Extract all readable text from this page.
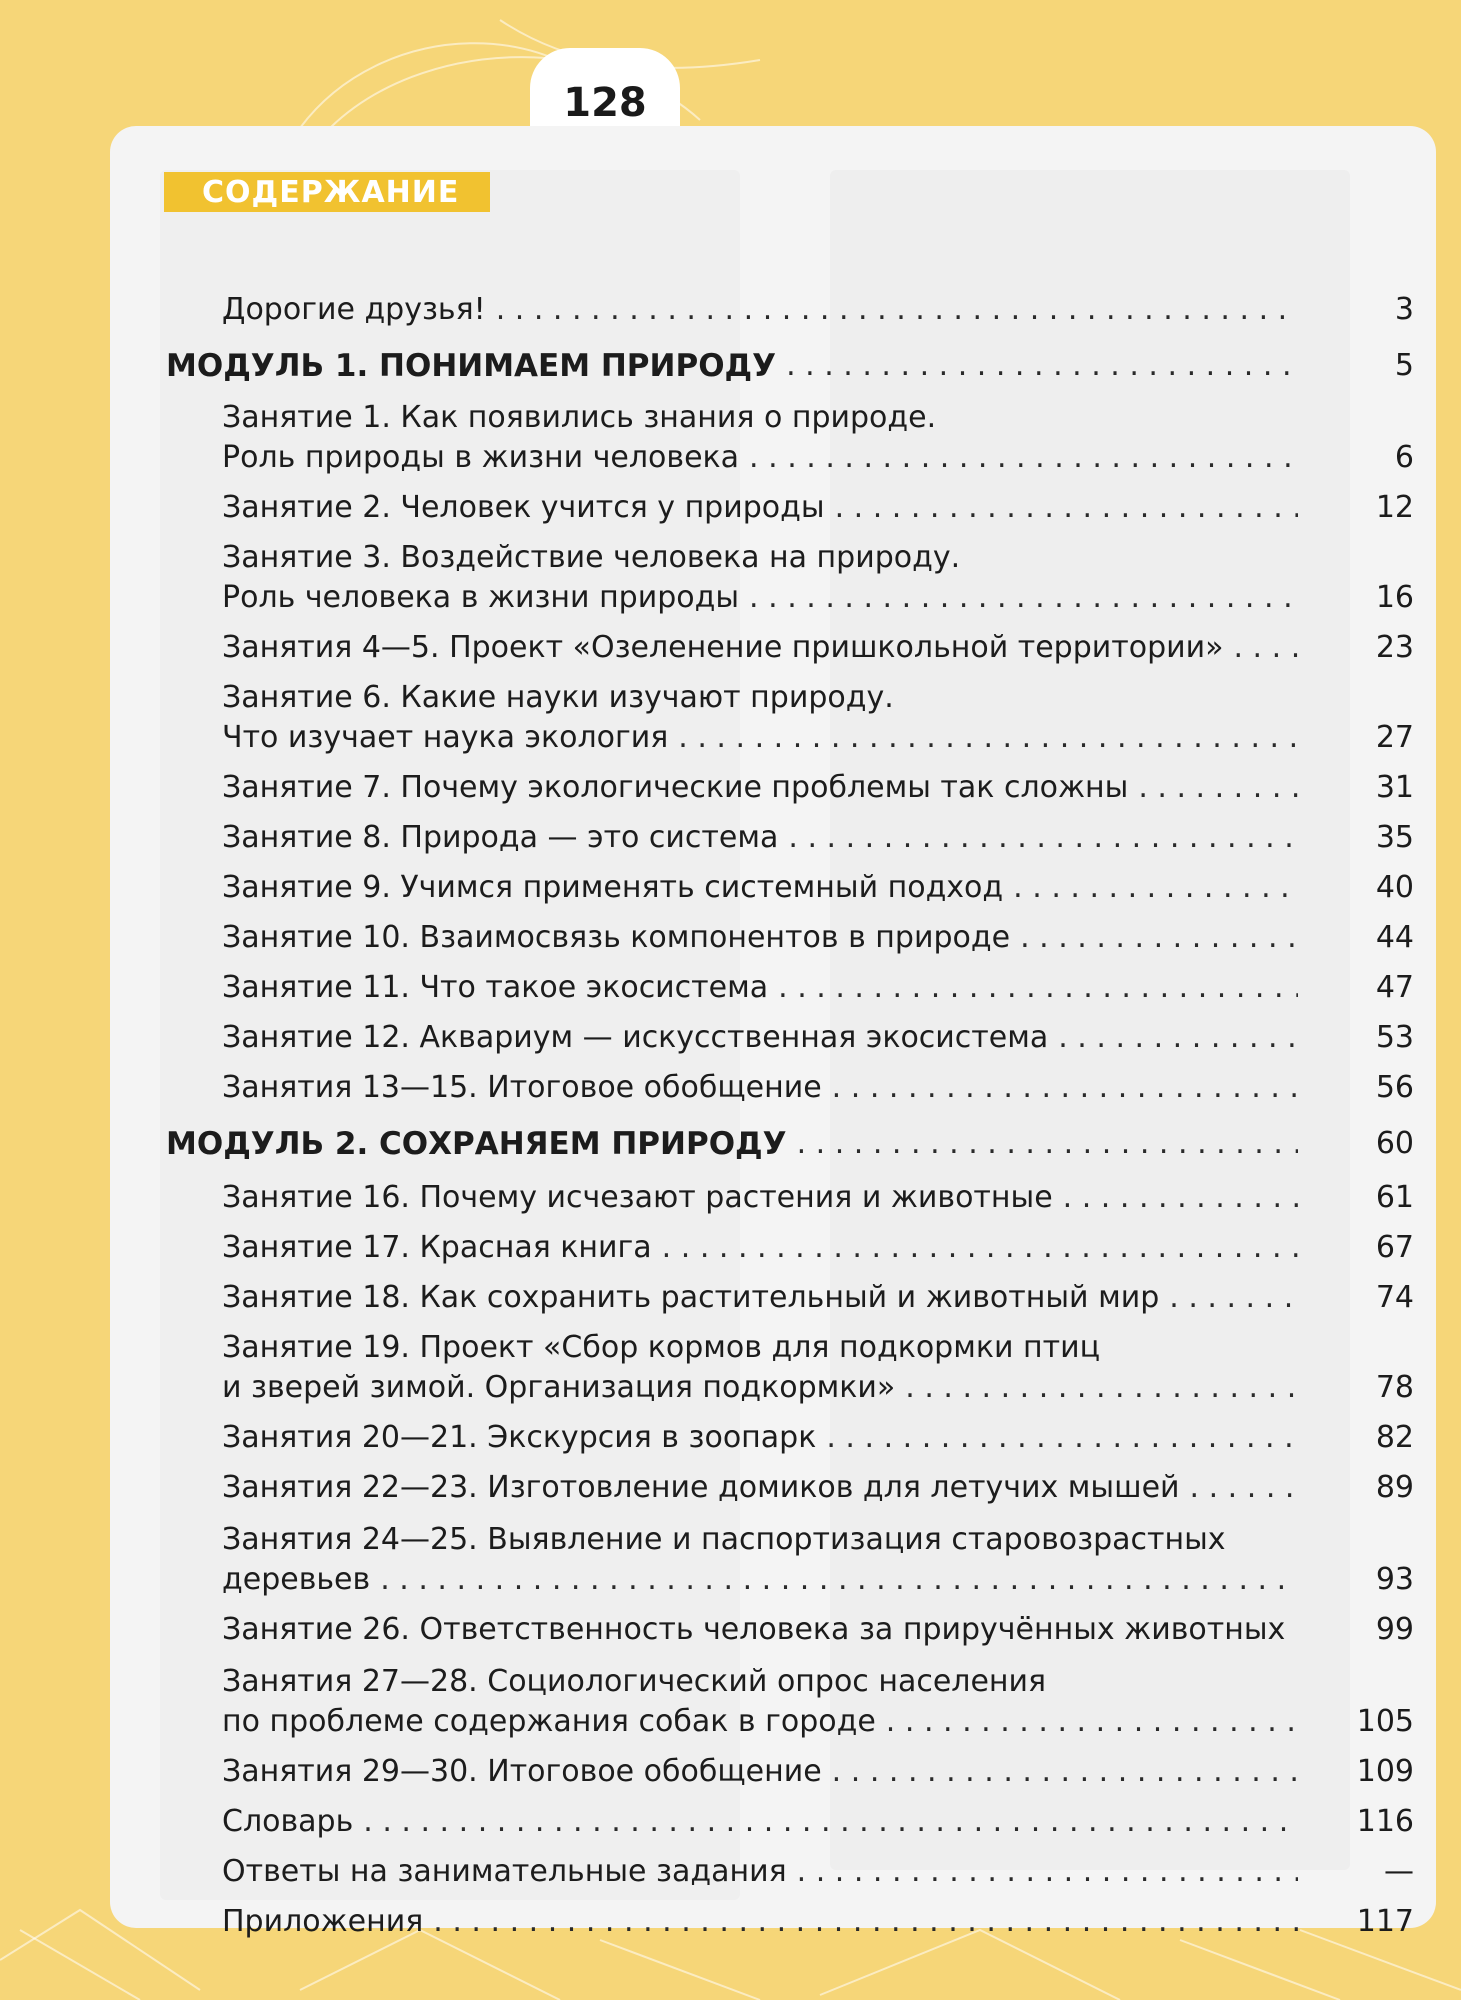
128
СОДЕРЖАНИЕ
Дорогие друзья! . . .	3
МОДУЛЬ 1. ПОНИМАЕМ ПРИРОДУ . . .	5
Занятие 1. Как появились знания о природе.
Роль природы в жизни человека . . .	6
Занятие 2. Человек учится у природы . . .	12
Занятие 3. Воздействие человека на природу.
Роль человека в жизни природы . . .	16
Занятия 4—5. Проект «Озеленение пришкольной территории» . . .	23
Занятие 6. Какие науки изучают природу.
Что изучает наука экология . . .	27
Занятие 7. Почему экологические проблемы так сложны . . .	31
Занятие 8. Природа — это система . . .	35
Занятие 9. Учимся применять системный подход . . .	40
Занятие 10. Взаимосвязь компонентов в природе . . .	44
Занятие 11. Что такое экосистема . . .	47
Занятие 12. Аквариум — искусственная экосистема . . .	53
Занятия 13—15. Итоговое обобщение . . .	56
МОДУЛЬ 2. СОХРАНЯЕМ ПРИРОДУ . . .	60
Занятие 16. Почему исчезают растения и животные . . .	61
Занятие 17. Красная книга . . .	67
Занятие 18. Как сохранить растительный и животный мир . . .	74
Занятие 19. Проект «Сбор кормов для подкормки птиц
и зверей зимой. Организация подкормки» . . .	78
Занятия 20—21. Экскурсия в зоопарк . . .	82
Занятия 22—23. Изготовление домиков для летучих мышей . . .	89
Занятия 24—25. Выявление и паспортизация старовозрастных
деревьев . . .	93
Занятие 26. Ответственность человека за приручённых животных . . .	99
Занятия 27—28. Социологический опрос населения
по проблеме содержания собак в городе . . .	105
Занятия 29—30. Итоговое обобщение . . .	109
Словарь . . .	116
Ответы на занимательные задания . . .	—
Приложения . . .	117
